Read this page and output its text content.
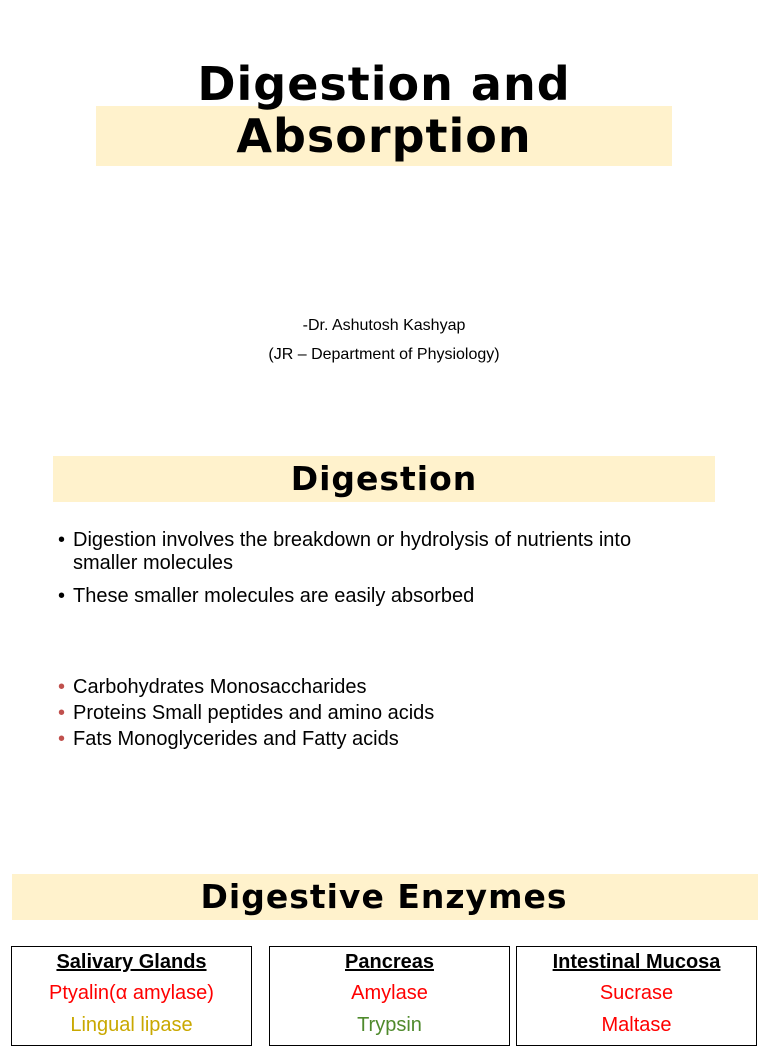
Digestion and
Absorption
-Dr. Ashutosh Kashyap
(JR – Department of Physiology)
Digestion
• Digestion involves the breakdown or hydrolysis of nutrients into smaller molecules
• These smaller molecules are easily absorbed
• Carbohydrates Monosaccharides
• Proteins Small peptides and amino acids
• Fats Monoglycerides and Fatty acids
Digestive Enzymes
Salivary Glands
Ptyalin(α amylase)
Lingual lipase
Pancreas
Amylase
Trypsin
Intestinal Mucosa
Sucrase
Maltase
